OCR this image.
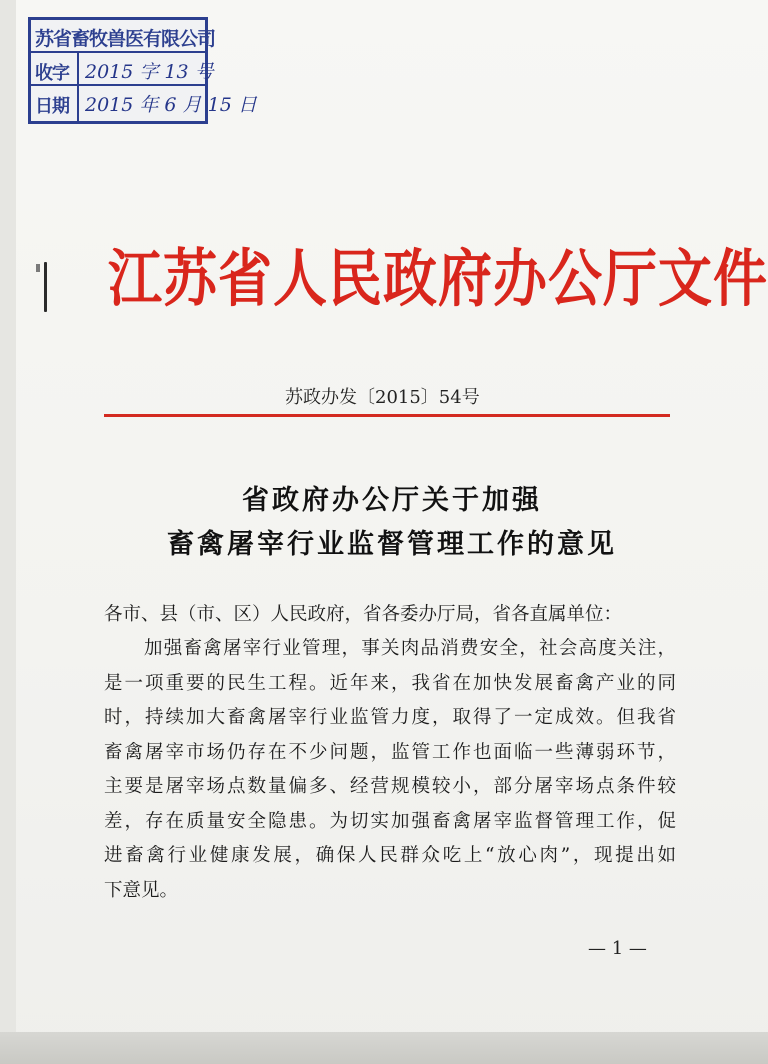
苏省畜牧兽医有限公司
收字 2015 字 13 号
日期 2015 年 6 月 15 日
江苏省人民政府办公厅文件
苏政办发〔2015〕54号
省政府办公厅关于加强
畜禽屠宰行业监督管理工作的意见
各市、县（市、区）人民政府，省各委办厅局，省各直属单位：
加强畜禽屠宰行业管理，事关肉品消费安全，社会高度关注，
是一项重要的民生工程。近年来，我省在加快发展畜禽产业的同
时，持续加大畜禽屠宰行业监管力度，取得了一定成效。但我省
畜禽屠宰市场仍存在不少问题，监管工作也面临一些薄弱环节，
主要是屠宰场点数量偏多、经营规模较小，部分屠宰场点条件较
差，存在质量安全隐患。为切实加强畜禽屠宰监督管理工作，促
进畜禽行业健康发展，确保人民群众吃上“放心肉”，现提出如
下意见。
— 1 —
